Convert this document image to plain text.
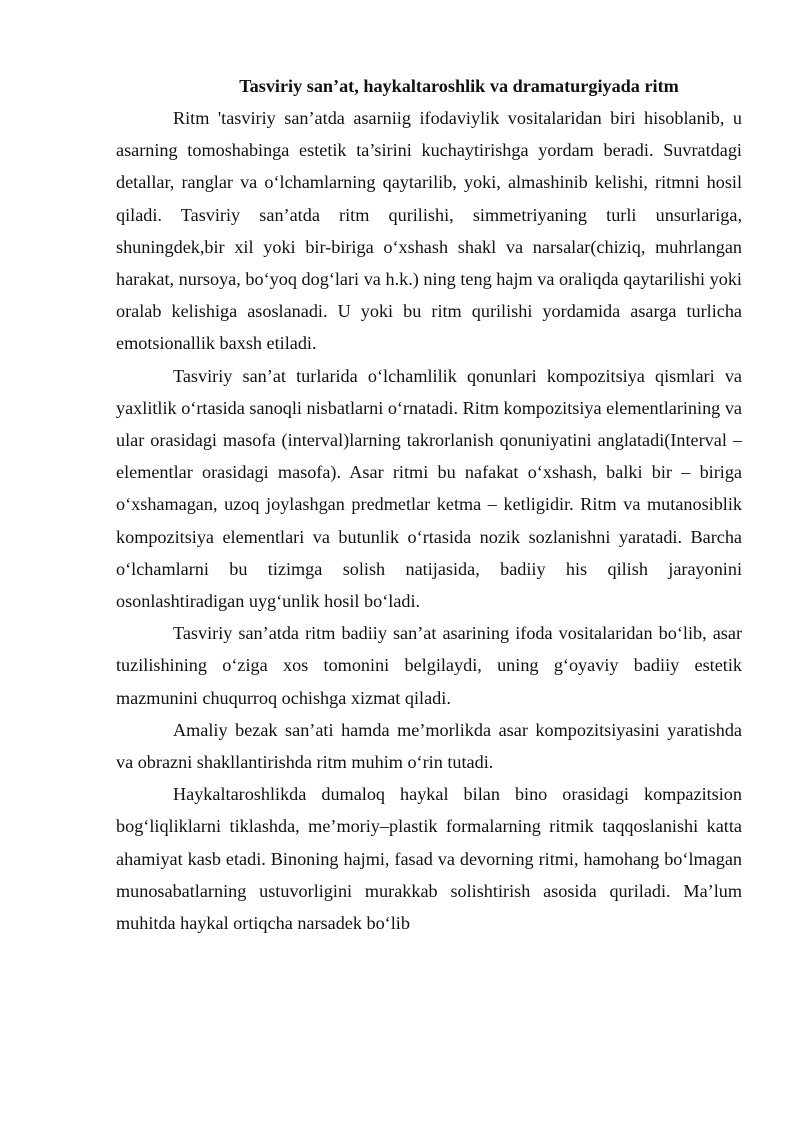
Tasviriy san’at, haykaltaroshlik va dramaturgiyada ritm

Ritm 'tasviriy san’atda asarniig ifodaviylik vositalaridan biri hisoblanib, u asarning tomoshabinga estetik ta’sirini kuchaytirishga yordam beradi. Suvratdagi detallar, ranglar va o‘lchamlarning qaytarilib, yoki, almashinib kelishi, ritmni hosil qiladi. Tasviriy san’atda ritm qurilishi, simmetriyaning turli unsurlariga, shuningdek,bir xil yoki bir-biriga o‘xshash shakl va narsalar(chiziq, muhrlangan harakat, nursoya, bo‘yoq dog‘lari va h.k.) ning teng hajm va oraliqda qaytarilishi yoki oralab kelishiga asoslanadi. U yoki bu ritm qurilishi yordamida asarga turlicha emotsionallik baxsh etiladi.

Tasviriy san’at turlarida o‘lchamlilik qonunlari kompozitsiya qismlari va yaxlitlik o‘rtasida sanoqli nisbatlarni o‘rnatadi. Ritm kompozitsiya elementlarining va ular orasidagi masofa (interval)larning takrorlanish qonuniyatini anglatadi(Interval – elementlar orasidagi masofa). Asar ritmi bu nafakat o‘xshash, balki bir – biriga o‘xshamagan, uzoq joylashgan predmetlar ketma – ketligidir. Ritm va mutanosiblik kompozitsiya elementlari va butunlik o‘rtasida nozik sozlanishni yaratadi. Barcha o‘lchamlarni bu tizimga solish natijasida, badiiy his qilish jarayonini osonlashtiradigan uyg‘unlik hosil bo‘ladi.

Tasviriy san’atda ritm badiiy san’at asarining ifoda vositalaridan bo‘lib, asar tuzilishining o‘ziga xos tomonini belgilaydi, uning g‘oyaviy badiiy estetik mazmunini chuqurroq ochishga xizmat qiladi.

Amaliy bezak san’ati hamda me’morlikda asar kompozitsiyasini yaratishda va obrazni shakllantirishda ritm muhim o‘rin tutadi.

Haykaltaroshlikda dumaloq haykal bilan bino orasidagi kompazitsion bog‘liqliklarni tiklashda, me’moriy–plastik formalarning ritmik taqqoslanishi katta ahamiyat kasb etadi. Binoning hajmi, fasad va devorning ritmi, hamohang bo‘lmagan munosabatlarning ustuvorligini murakkab solishtirish asosida quriladi. Ma’lum muhitda haykal ortiqcha narsadek bo‘lib
